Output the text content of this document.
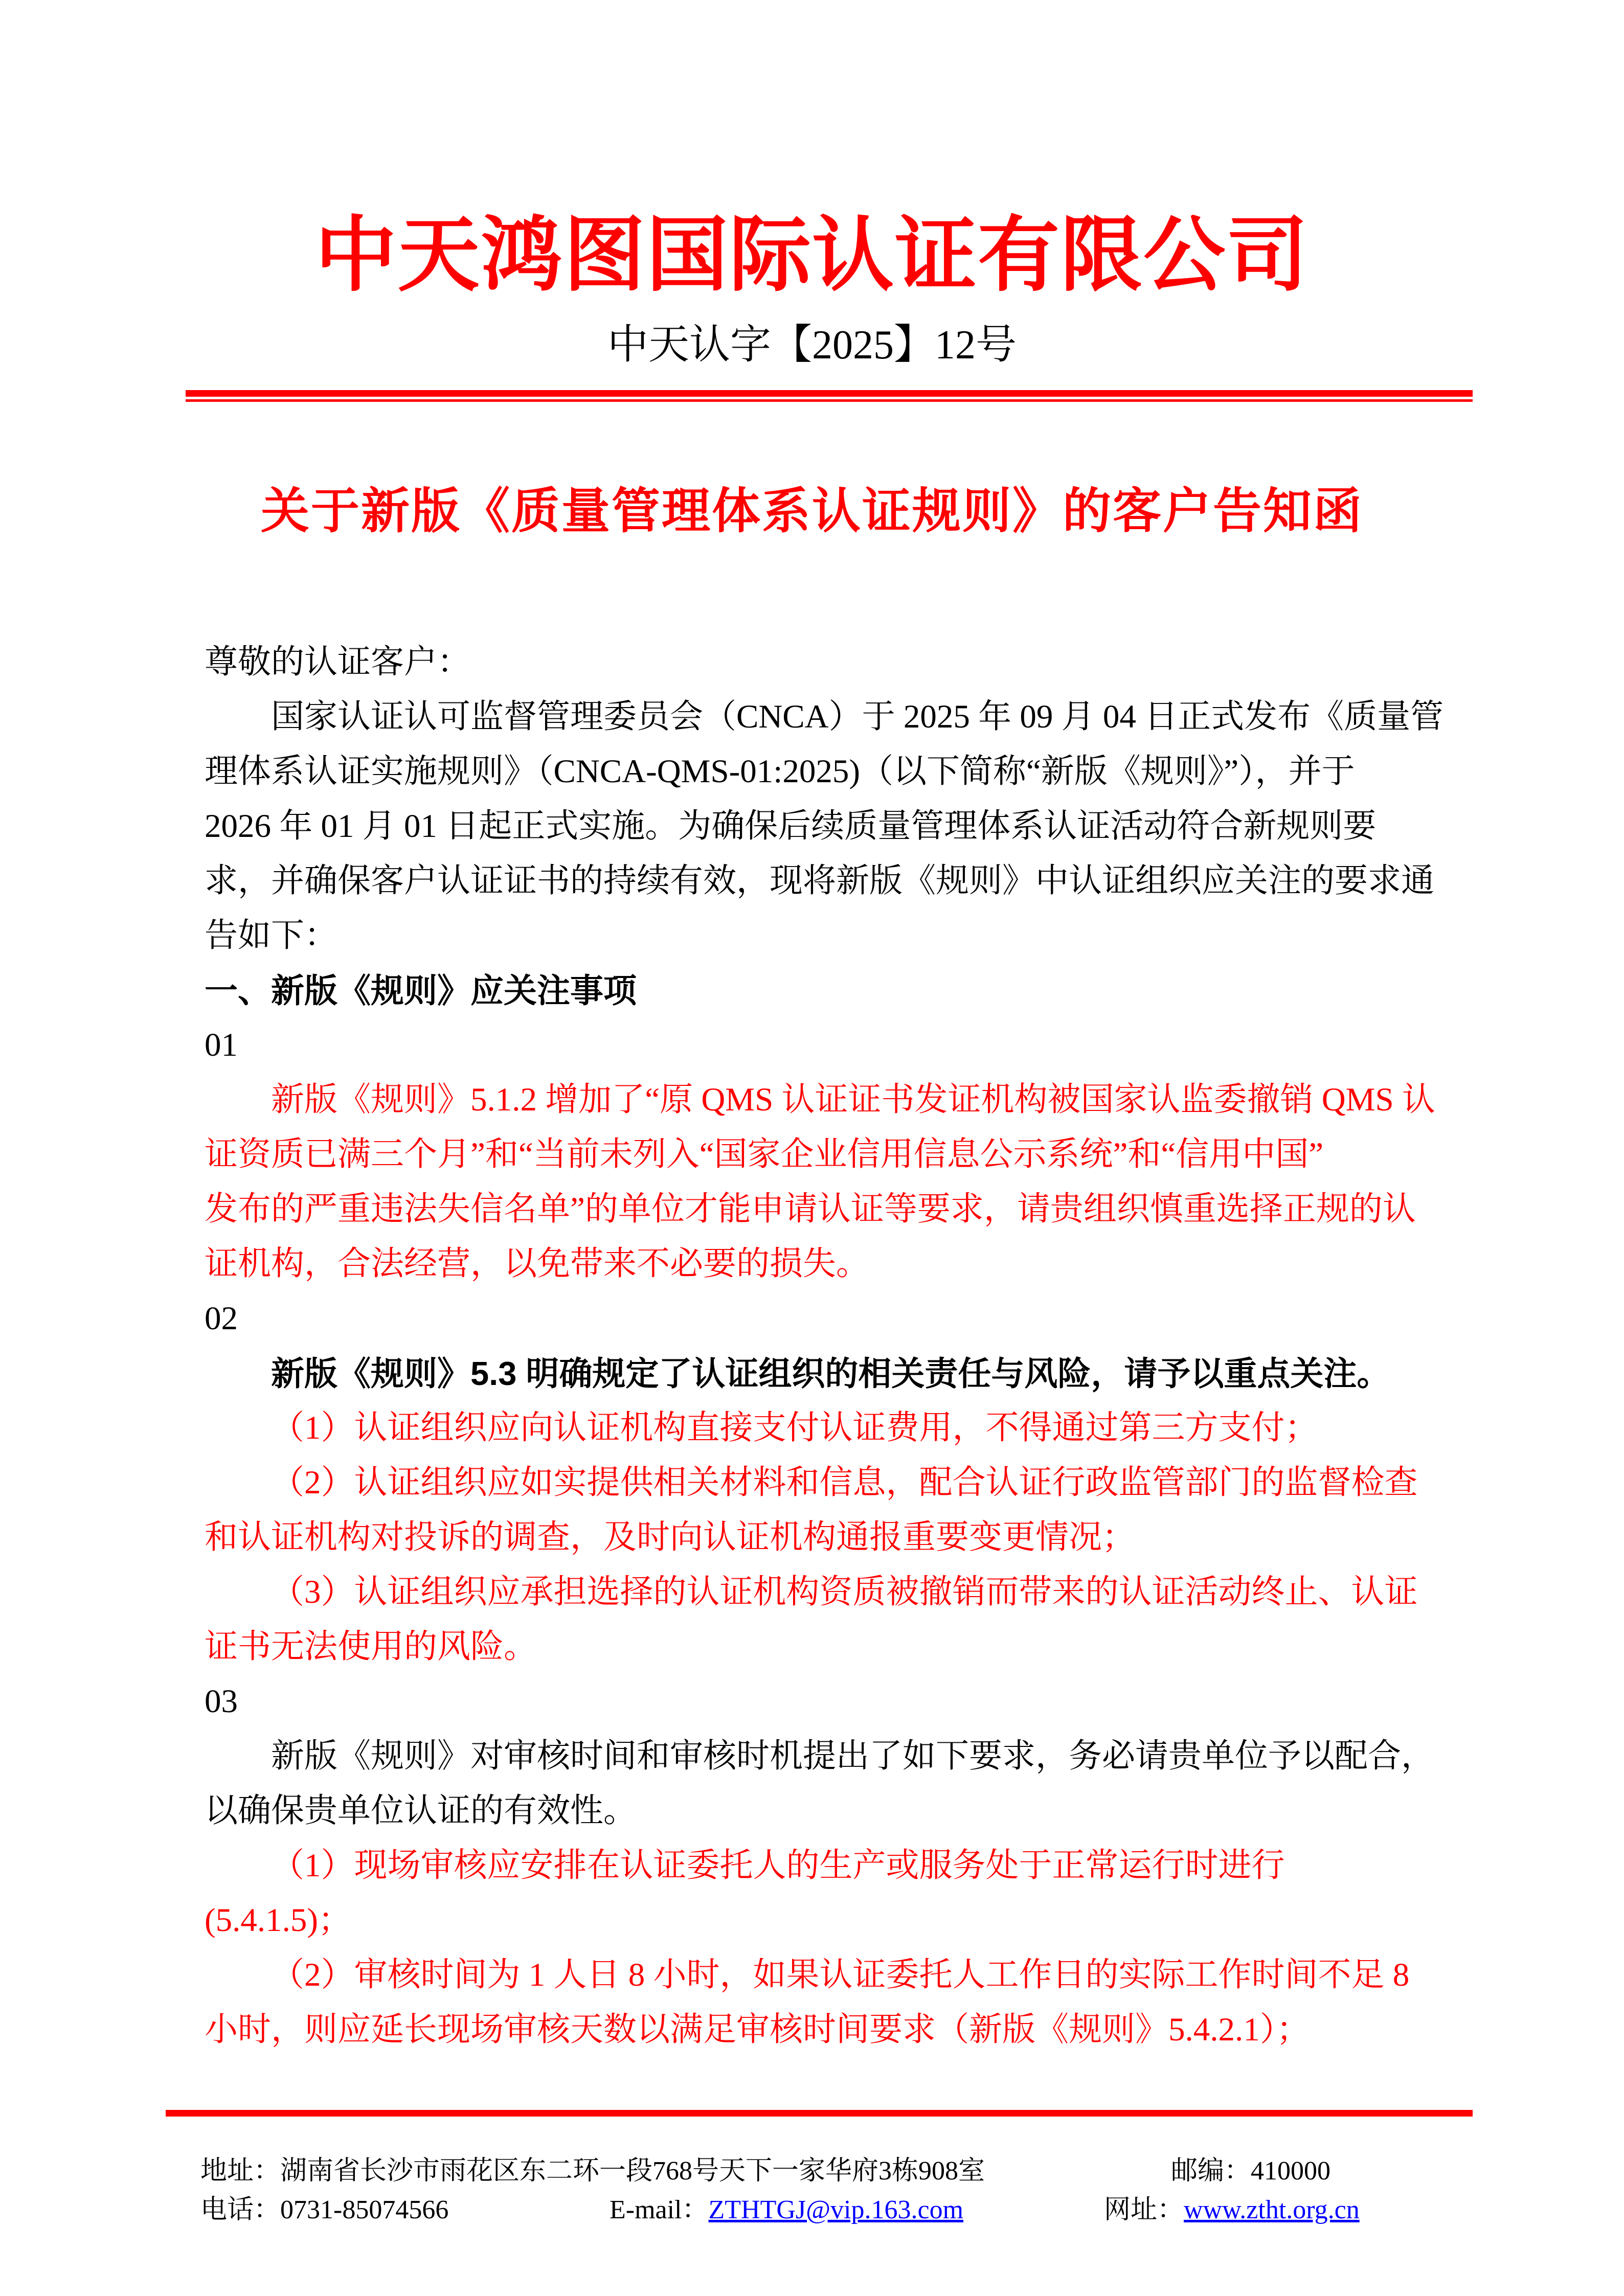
中天鸿图国际认证有限公司
中天认字【2025】12号
关于新版《质量管理体系认证规则》的客户告知函
尊敬的认证客户：
国家认证认可监督管理委员会（CNCA）于 2025 年 09 月 04 日正式发布《质量管
理体系认证实施规则》（CNCA-QMS-01:2025)（以下简称“新版《规则》”），并于
2026 年 01 月 01 日起正式实施。为确保后续质量管理体系认证活动符合新规则要
求，并确保客户认证证书的持续有效，现将新版《规则》中认证组织应关注的要求通
告如下：
一、新版《规则》应关注事项
01
新版《规则》5.1.2 增加了“原 QMS 认证证书发证机构被国家认监委撤销 QMS 认
证资质已满三个月”和“当前未列入“国家企业信用信息公示系统”和“信用中国”
发布的严重违法失信名单”的单位才能申请认证等要求，请贵组织慎重选择正规的认
证机构，合法经营，以免带来不必要的损失。
02
新版《规则》5.3 明确规定了认证组织的相关责任与风险，请予以重点关注。
（1）认证组织应向认证机构直接支付认证费用，不得通过第三方支付；
（2）认证组织应如实提供相关材料和信息，配合认证行政监管部门的监督检查
和认证机构对投诉的调查，及时向认证机构通报重要变更情况；
（3）认证组织应承担选择的认证机构资质被撤销而带来的认证活动终止、认证
证书无法使用的风险。
03
新版《规则》对审核时间和审核时机提出了如下要求，务必请贵单位予以配合，
以确保贵单位认证的有效性。
（1）现场审核应安排在认证委托人的生产或服务处于正常运行时进行
(5.4.1.5)；
（2）审核时间为 1 人日 8 小时，如果认证委托人工作日的实际工作时间不足 8
小时，则应延长现场审核天数以满足审核时间要求（新版《规则》5.4.2.1）；
地址：湖南省长沙市雨花区东二环一段768号天下一家华府3栋908室	邮编：410000
电话：0731-85074566	E-mail：ZTHTGJ@vip.163.com	网址：www.ztht.org.cn
